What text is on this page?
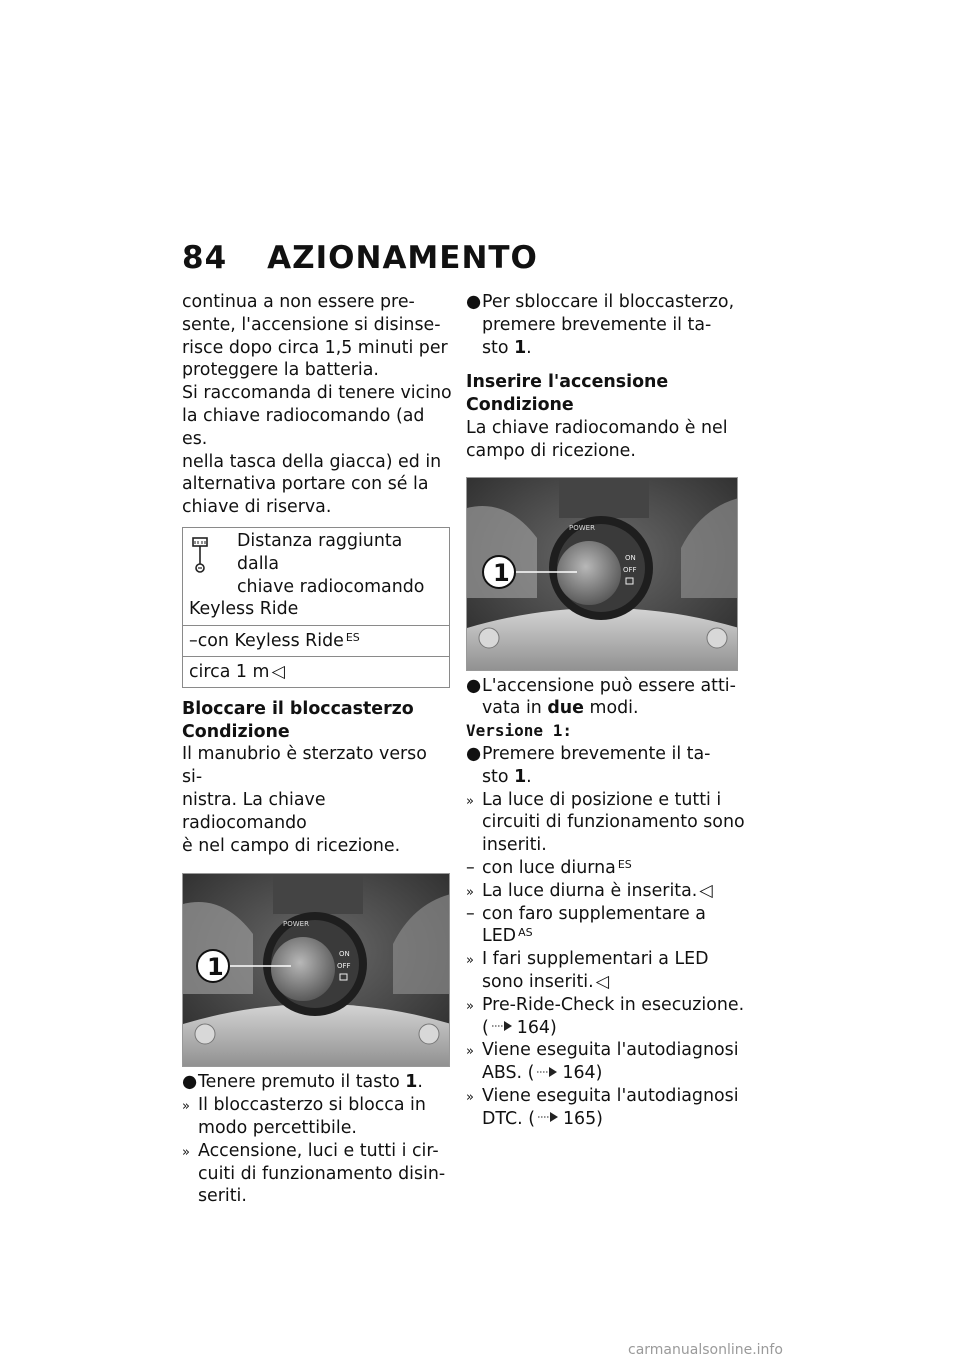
84 AZIONAMENTO
continua a non essere pre-
sente, l'accensione si disinse-
risce dopo circa 1,5 minuti per
proteggere la batteria.
Si raccomanda di tenere vicino
la chiave radiocomando (ad es.
nella tasca della giacca) ed in
alternativa portare con sé la
chiave di riserva.
Distanza raggiunta dalla
chiave radiocomando
Keyless Ride
–con Keyless Ride $^{ES}$
circa 1 m ◁
Bloccare il bloccasterzo
Condizione
Il manubrio è sterzato verso si-
nistra. La chiave radiocomando
è nel campo di ricezione.
POWER
ON
OFF
1
● Tenere premuto il tasto 1.
» Il bloccasterzo si blocca in
modo percettibile.
» Accensione, luci e tutti i cir-
cuiti di funzionamento disin-
seriti.
● Per sbloccare il bloccasterzo,
premere brevemente il ta-
sto 1.
Inserire l'accensione
Condizione
La chiave radiocomando è nel
campo di ricezione.
POWER
ON
OFF
1
● L'accensione può essere atti-
vata in due modi.
Versione 1:
● Premere brevemente il ta-
sto 1.
» La luce di posizione e tutti i
circuiti di funzionamento sono
inseriti.
– con luce diurna $^{ES}$
» La luce diurna è inserita. ◁
– con faro supplementare a
LED $^{AS}$
» I fari supplementari a LED
sono inseriti. ◁
» Pre-Ride-Check in esecuzione.
( 164)
» Viene eseguita l'autodiagnosi
ABS. ( 164)
» Viene eseguita l'autodiagnosi
DTC. ( 165)
carmanualsonline.info
